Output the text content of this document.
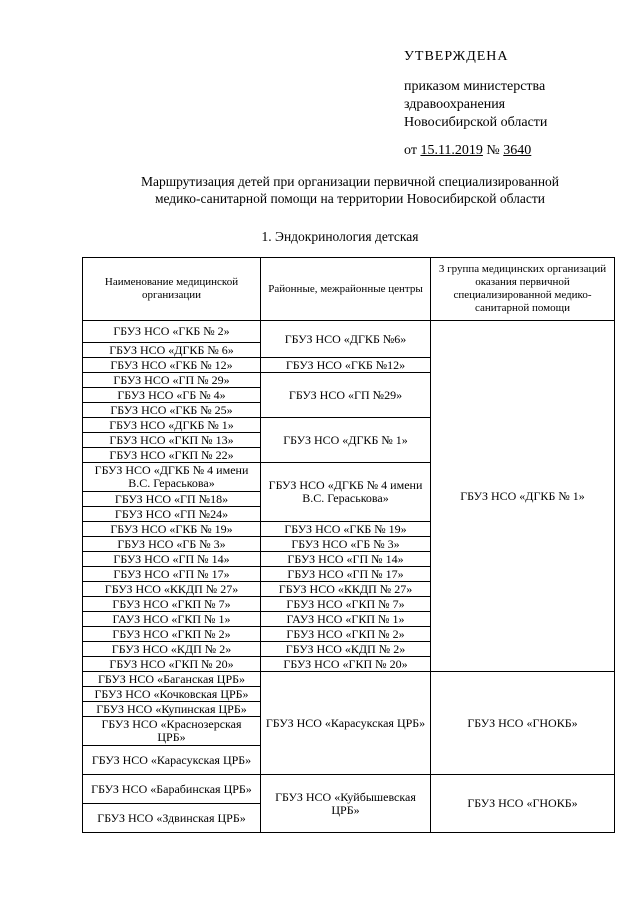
УТВЕРЖДЕНА
приказом министерства
здравоохранения
Новосибирской области
от 15.11.2019 № 3640
Маршрутизация детей при организации первичной специализированной
медико-санитарной помощи на территории Новосибирской области
1. Эндокринология детская
Наименование медицинской организации	Районные, межрайонные центры	3 группа медицинских организаций оказания первичной специализированной медико-санитарной помощи
ГБУЗ НСО «ГКБ № 2»	ГБУЗ НСО «ДГКБ №6»	ГБУЗ НСО «ДГКБ № 1»
ГБУЗ НСО «ДГКБ № 6»		
ГБУЗ НСО «ГКБ № 12»	ГБУЗ НСО «ГКБ №12»	
ГБУЗ НСО «ГП № 29»	ГБУЗ НСО «ГП №29»	
ГБУЗ НСО «ГБ № 4»		
ГБУЗ НСО «ГКБ № 25»		
ГБУЗ НСО «ДГКБ № 1»	ГБУЗ НСО «ДГКБ № 1»	
ГБУЗ НСО «ГКП № 13»		
ГБУЗ НСО «ГКП № 22»		
ГБУЗ НСО «ДГКБ № 4 имени В.С. Гераськова»	ГБУЗ НСО «ДГКБ № 4 имени В.С. Гераськова»	
ГБУЗ НСО «ГП №18»		
ГБУЗ НСО «ГП №24»		
ГБУЗ НСО «ГКБ № 19»	ГБУЗ НСО «ГКБ № 19»	
ГБУЗ НСО «ГБ № 3»	ГБУЗ НСО «ГБ № 3»	
ГБУЗ НСО «ГП № 14»	ГБУЗ НСО «ГП № 14»	
ГБУЗ НСО «ГП № 17»	ГБУЗ НСО «ГП № 17»	
ГБУЗ НСО «ККДП № 27»	ГБУЗ НСО «ККДП № 27»	
ГБУЗ НСО «ГКП № 7»	ГБУЗ НСО «ГКП № 7»	
ГАУЗ НСО «ГКП № 1»	ГАУЗ НСО «ГКП № 1»	
ГБУЗ НСО «ГКП № 2»	ГБУЗ НСО «ГКП № 2»	
ГБУЗ НСО «КДП № 2»	ГБУЗ НСО «КДП № 2»	
ГБУЗ НСО «ГКП № 20»	ГБУЗ НСО «ГКП № 20»	
ГБУЗ НСО «Баганская ЦРБ»	ГБУЗ НСО «Карасукская ЦРБ»	ГБУЗ НСО «ГНОКБ»
ГБУЗ НСО «Кочковская ЦРБ»		
ГБУЗ НСО «Купинская ЦРБ»		
ГБУЗ НСО «Краснозерская ЦРБ»		
ГБУЗ НСО «Карасукская ЦРБ»		
ГБУЗ НСО «Барабинская ЦРБ»	ГБУЗ НСО «Куйбышевская ЦРБ»	ГБУЗ НСО «ГНОКБ»
ГБУЗ НСО «Здвинская ЦРБ»		
